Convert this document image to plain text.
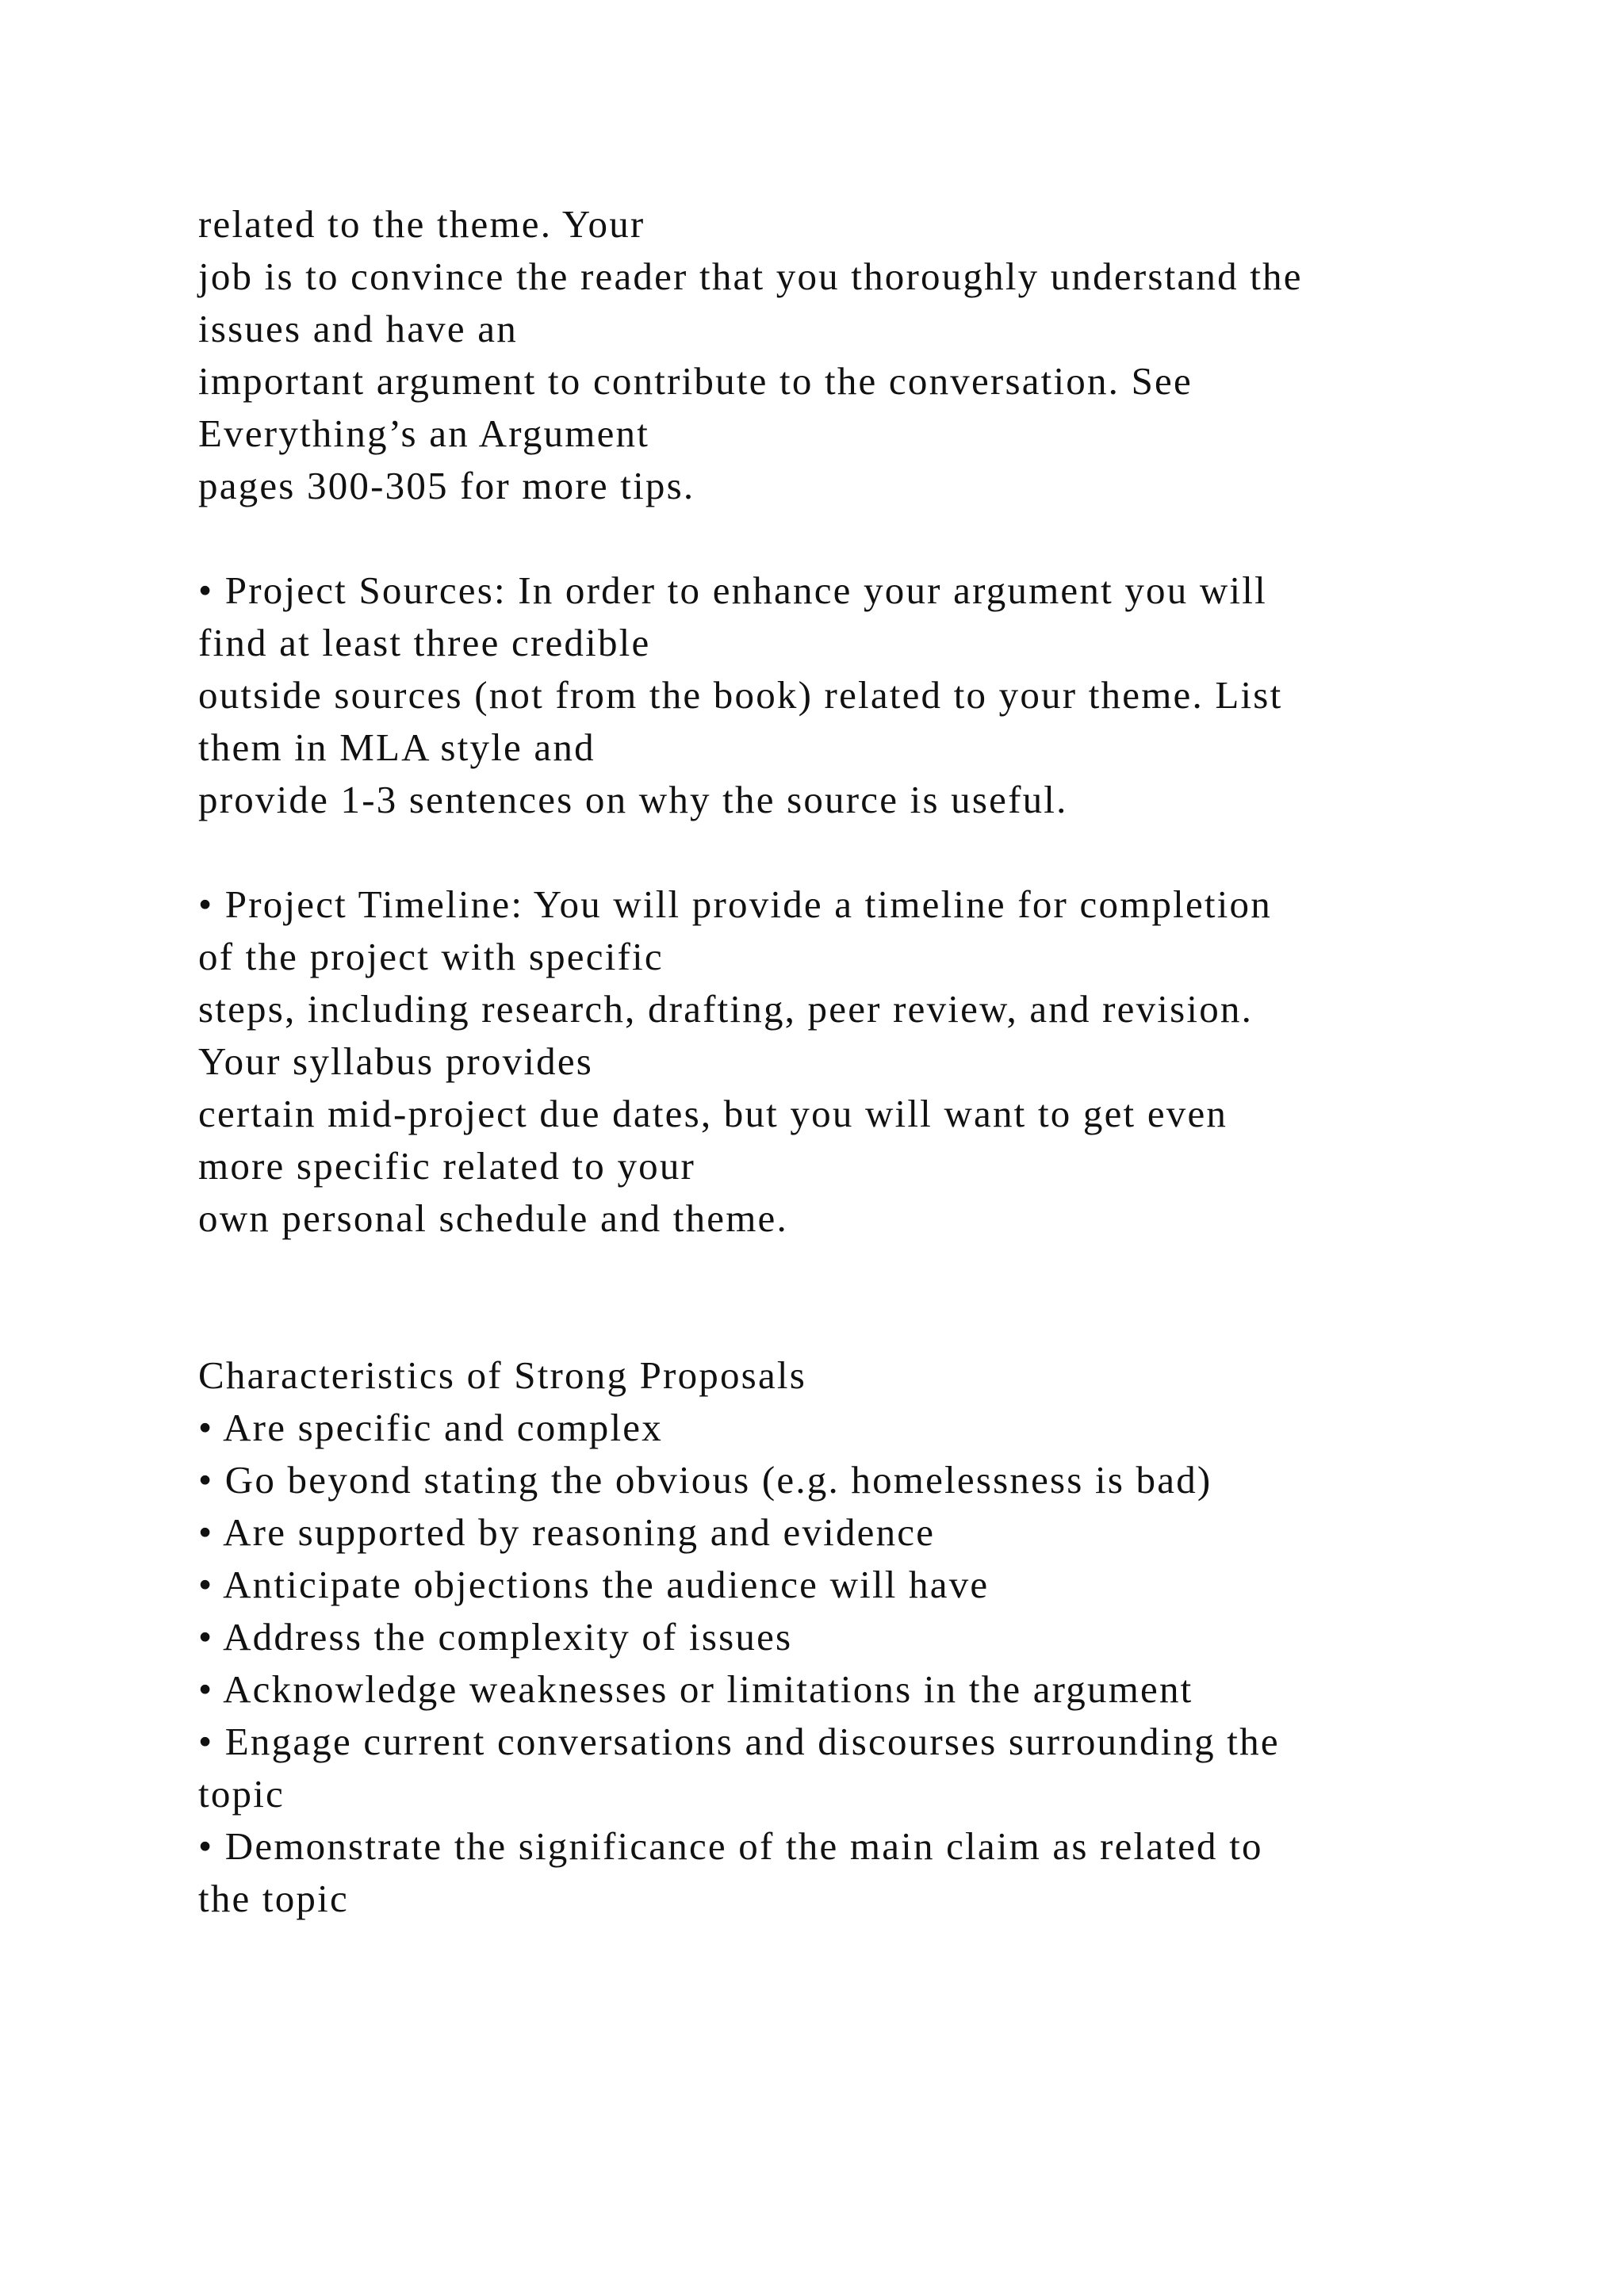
related to the theme. Your
job is to convince the reader that you thoroughly understand the
issues and have an
important argument to contribute to the conversation. See
Everything’s an Argument
pages 300-305 for more tips.
• Project Sources: In order to enhance your argument you will
find at least three credible
outside sources (not from the book) related to your theme. List
them in MLA style and
provide 1-3 sentences on why the source is useful.
• Project Timeline: You will provide a timeline for completion
of the project with specific
steps, including research, drafting, peer review, and revision.
Your syllabus provides
certain mid-project due dates, but you will want to get even
more specific related to your
own personal schedule and theme.
Characteristics of Strong Proposals
• Are specific and complex
• Go beyond stating the obvious (e.g. homelessness is bad)
• Are supported by reasoning and evidence
• Anticipate objections the audience will have
• Address the complexity of issues
• Acknowledge weaknesses or limitations in the argument
• Engage current conversations and discourses surrounding the
topic
• Demonstrate the significance of the main claim as related to
the topic
